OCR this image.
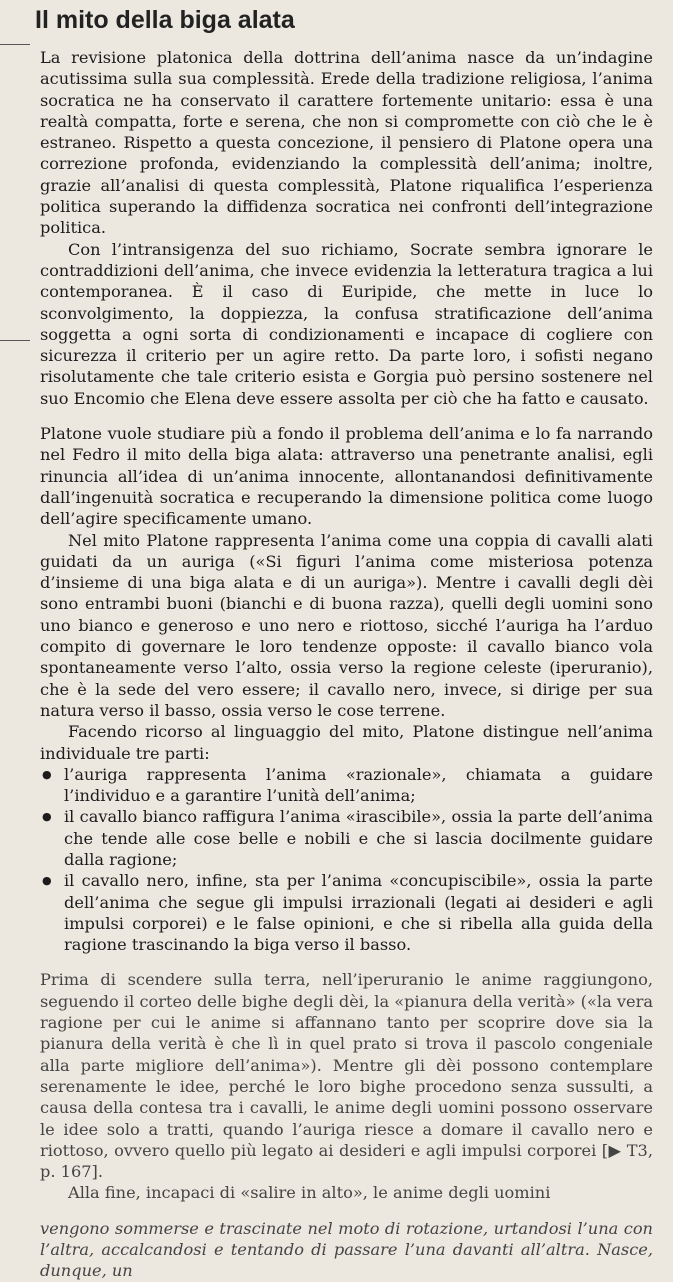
Il mito della biga alata

La revisione platonica della dottrina dell’anima nasce da un’indagine acutissima sulla sua complessità. Erede della tradizione religiosa, l’anima socratica ne ha conservato il carattere fortemente unitario: essa è una realtà compatta, forte e serena, che non si compromette con ciò che le è estraneo. Rispetto a questa concezione, il pensiero di Platone opera una correzione profonda, evidenziando la complessità dell’anima; inoltre, grazie all’analisi di questa complessità, Platone riqualifica l’esperienza politica superando la diffidenza socratica nei confronti dell’integrazione politica.

Con l’intransigenza del suo richiamo, Socrate sembra ignorare le contraddizioni dell’anima, che invece evidenzia la letteratura tragica a lui contemporanea. È il caso di Euripide, che mette in luce lo sconvolgimento, la doppiezza, la confusa stratificazione dell’anima soggetta a ogni sorta di condizionamenti e incapace di cogliere con sicurezza il criterio per un agire retto. Da parte loro, i sofisti negano risolutamente che tale criterio esista e Gorgia può persino sostenere nel suo Encomio che Elena deve essere assolta per ciò che ha fatto e causato.

Platone vuole studiare più a fondo il problema dell’anima e lo fa narrando nel Fedro il mito della biga alata: attraverso una penetrante analisi, egli rinuncia all’idea di un’anima innocente, allontanandosi definitivamente dall’ingenuità socratica e recuperando la dimensione politica come luogo dell’agire specificamente umano.

Nel mito Platone rappresenta l’anima come una coppia di cavalli alati guidati da un auriga («Si figuri l’anima come misteriosa potenza d’insieme di una biga alata e di un auriga»). Mentre i cavalli degli dèi sono entrambi buoni (bianchi e di buona razza), quelli degli uomini sono uno bianco e generoso e uno nero e riottoso, sicché l’auriga ha l’arduo compito di governare le loro tendenze opposte: il cavallo bianco vola spontaneamente verso l’alto, ossia verso la regione celeste (iperuranio), che è la sede del vero essere; il cavallo nero, invece, si dirige per sua natura verso il basso, ossia verso le cose terrene.

Facendo ricorso al linguaggio del mito, Platone distingue nell’anima individuale tre parti:

● l’auriga rappresenta l’anima «razionale», chiamata a guidare l’individuo e a garantire l’unità dell’anima;
● il cavallo bianco raffigura l’anima «irascibile», ossia la parte dell’anima che tende alle cose belle e nobili e che si lascia docilmente guidare dalla ragione;
● il cavallo nero, infine, sta per l’anima «concupiscibile», ossia la parte dell’anima che segue gli impulsi irrazionali (legati ai desideri e agli impulsi corporei) e le false opinioni, e che si ribella alla guida della ragione trascinando la biga verso il basso.

Prima di scendere sulla terra, nell’iperuranio le anime raggiungono, seguendo il corteo delle bighe degli dèi, la «pianura della verità» («la vera ragione per cui le anime si affannano tanto per scoprire dove sia la pianura della verità è che lì in quel prato si trova il pascolo congeniale alla parte migliore dell’anima»). Mentre gli dèi possono contemplare serenamente le idee, perché le loro bighe procedono senza sussulti, a causa della contesa tra i cavalli, le anime degli uomini possono osservare le idee solo a tratti, quando l’auriga riesce a domare il cavallo nero e riottoso, ovvero quello più legato ai desideri e agli impulsi corporei [▶ T3, p. 167].

Alla fine, incapaci di «salire in alto», le anime degli uomini

vengono sommerse e trascinate nel moto di rotazione, urtandosi l’una con l’altra, accalcandosi e tentando di passare l’una davanti all’altra. Nasce, dunque, un
